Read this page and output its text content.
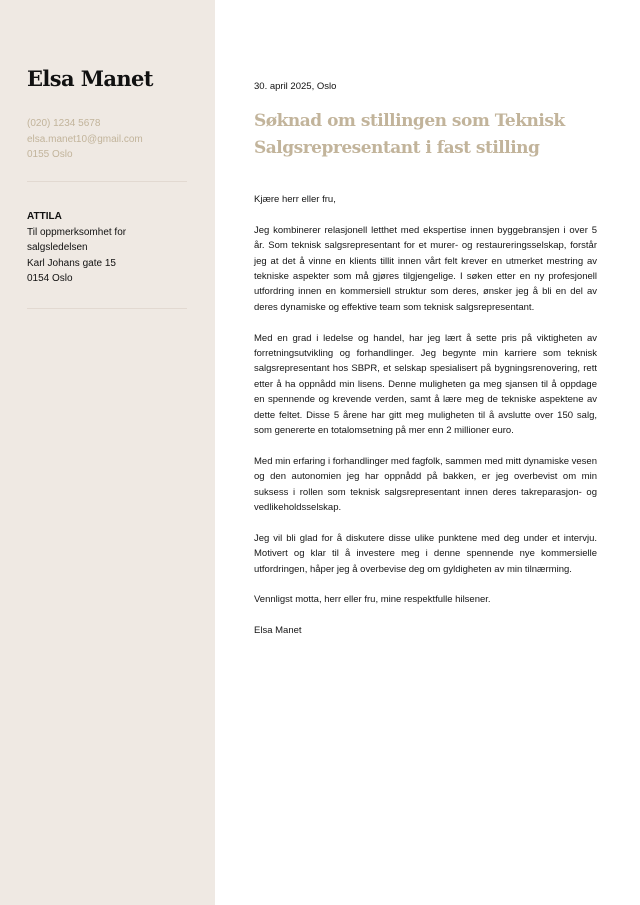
Elsa Manet
(020) 1234 5678
elsa.manet10@gmail.com
0155 Oslo
ATTILA
Til oppmerksomhet for salgsledelsen
Karl Johans gate 15
0154 Oslo
30. april 2025, Oslo
Søknad om stillingen som Teknisk Salgsrepresentant i fast stilling

Kjære herr eller fru,

Jeg kombinerer relasjonell letthet med ekspertise innen byggebransjen i over 5 år. Som teknisk salgsrepresentant for et murer- og restaureringsselskap, forstår jeg at det å vinne en klients tillit innen vårt felt krever en utmerket mestring av tekniske aspekter som må gjøres tilgjengelige. I søken etter en ny profesjonell utfordring innen en kommersiell struktur som deres, ønsker jeg å bli en del av deres dynamiske og effektive team som teknisk salgsrepresentant.

Med en grad i ledelse og handel, har jeg lært å sette pris på viktigheten av forretningsutvikling og forhandlinger. Jeg begynte min karriere som teknisk salgsrepresentant hos SBPR, et selskap spesialisert på bygningsrenovering, rett etter å ha oppnådd min lisens. Denne muligheten ga meg sjansen til å oppdage en spennende og krevende verden, samt å lære meg de tekniske aspektene av dette feltet. Disse 5 årene har gitt meg muligheten til å avslutte over 150 salg, som genererte en totalomsetning på mer enn 2 millioner euro.

Med min erfaring i forhandlinger med fagfolk, sammen med mitt dynamiske vesen og den autonomien jeg har oppnådd på bakken, er jeg overbevist om min suksess i rollen som teknisk salgsrepresentant innen deres takreparasjon- og vedlikeholdsselskap.

Jeg vil bli glad for å diskutere disse ulike punktene med deg under et intervju. Motivert og klar til å investere meg i denne spennende nye kommersielle utfordringen, håper jeg å overbevise deg om gyldigheten av min tilnærming.

Vennligst motta, herr eller fru, mine respektfulle hilsener.

Elsa Manet
